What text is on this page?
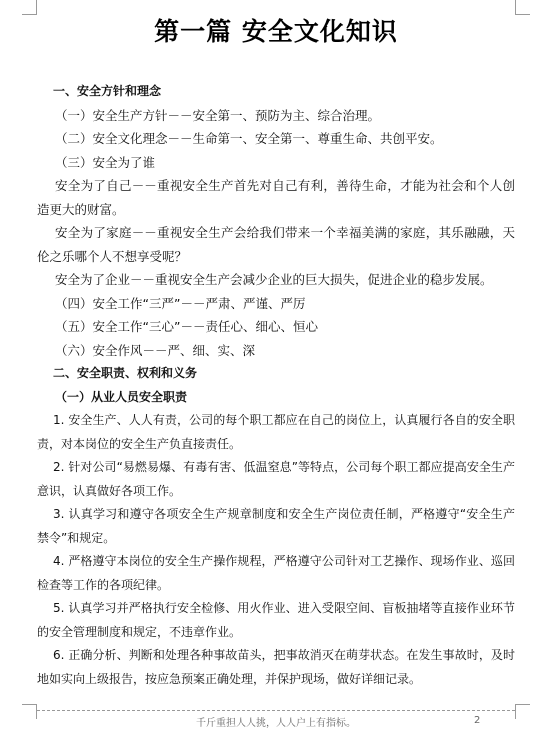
第一篇 安全文化知识

一、安全方针和理念

（一）安全生产方针－－安全第一、预防为主、综合治理。

（二）安全文化理念－－生命第一、安全第一、尊重生命、共创平安。

（三）安全为了谁

安全为了自己－－重视安全生产首先对自己有利，善待生命，才能为社会和个人创造更大的财富。

安全为了家庭－－重视安全生产会给我们带来一个幸福美满的家庭，其乐融融，天伦之乐哪个人不想享受呢？

安全为了企业－－重视安全生产会减少企业的巨大损失，促进企业的稳步发展。

（四）安全工作“三严”－－严肃、严谨、严厉

（五）安全工作“三心”－－责任心、细心、恒心

（六）安全作风－－严、细、实、深

二、安全职责、权利和义务

（一）从业人员安全职责

1. 安全生产、人人有责，公司的每个职工都应在自己的岗位上，认真履行各自的安全职责，对本岗位的安全生产负直接责任。

2. 针对公司“易燃易爆、有毒有害、低温窒息”等特点，公司每个职工都应提高安全生产意识，认真做好各项工作。

3. 认真学习和遵守各项安全生产规章制度和安全生产岗位责任制，严格遵守“安全生产禁令”和规定。

4. 严格遵守本岗位的安全生产操作规程，严格遵守公司针对工艺操作、现场作业、巡回检查等工作的各项纪律。

5. 认真学习并严格执行安全检修、用火作业、进入受限空间、盲板抽堵等直接作业环节的安全管理制度和规定，不违章作业。

6. 正确分析、判断和处理各种事故苗头，把事故消灭在萌芽状态。在发生事故时，及时地如实向上级报告，按应急预案正确处理，并保护现场，做好详细记录。

千斤重担人人挑，人人户上有指标。	2
